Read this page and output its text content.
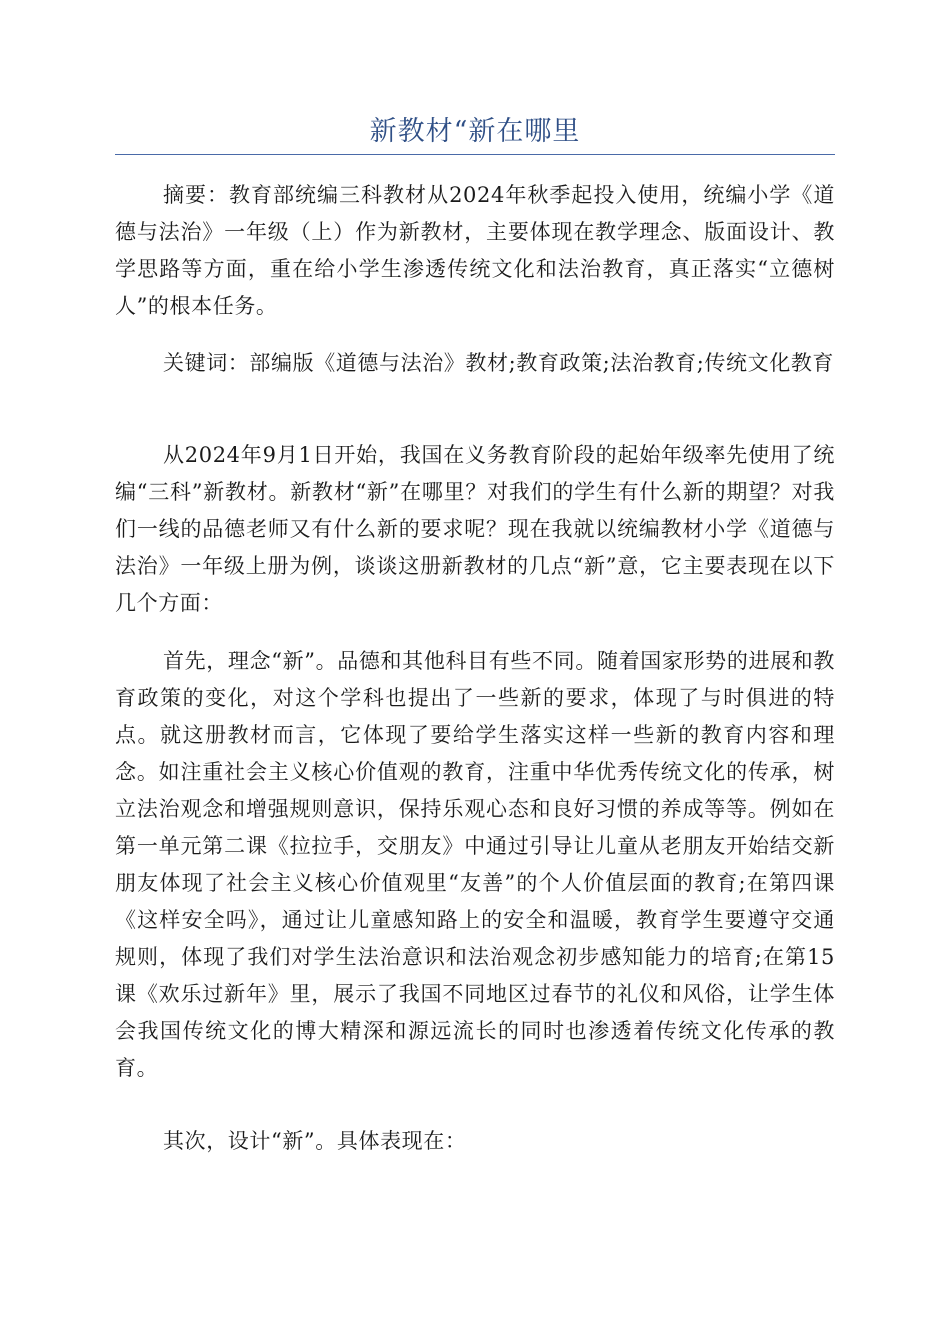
新教材“新在哪里

摘要：教育部统编三科教材从2024年秋季起投入使用，统编小学《道德与法治》一年级（上）作为新教材，主要体现在教学理念、版面设计、教学思路等方面，重在给小学生渗透传统文化和法治教育，真正落实“立德树人”的根本任务。

关键词：部编版《道德与法治》教材;教育政策;法治教育;传统文化教育

从2024年9月1日开始，我国在义务教育阶段的起始年级率先使用了统编“三科”新教材。新教材“新”在哪里？对我们的学生有什么新的期望？对我们一线的品德老师又有什么新的要求呢？现在我就以统编教材小学《道德与法治》一年级上册为例，谈谈这册新教材的几点“新”意，它主要表现在以下几个方面：

首先，理念“新”。品德和其他科目有些不同。随着国家形势的进展和教育政策的变化，对这个学科也提出了一些新的要求，体现了与时俱进的特点。就这册教材而言，它体现了要给学生落实这样一些新的教育内容和理念。如注重社会主义核心价值观的教育，注重中华优秀传统文化的传承，树立法治观念和增强规则意识，保持乐观心态和良好习惯的养成等等。例如在第一单元第二课《拉拉手，交朋友》中通过引导让儿童从老朋友开始结交新朋友体现了社会主义核心价值观里“友善”的个人价值层面的教育;在第四课《这样安全吗》，通过让儿童感知路上的安全和温暖，教育学生要遵守交通规则，体现了我们对学生法治意识和法治观念初步感知能力的培育;在第15课《欢乐过新年》里，展示了我国不同地区过春节的礼仪和风俗，让学生体会我国传统文化的博大精深和源远流长的同时也渗透着传统文化传承的教育。

其次，设计“新”。具体表现在：
